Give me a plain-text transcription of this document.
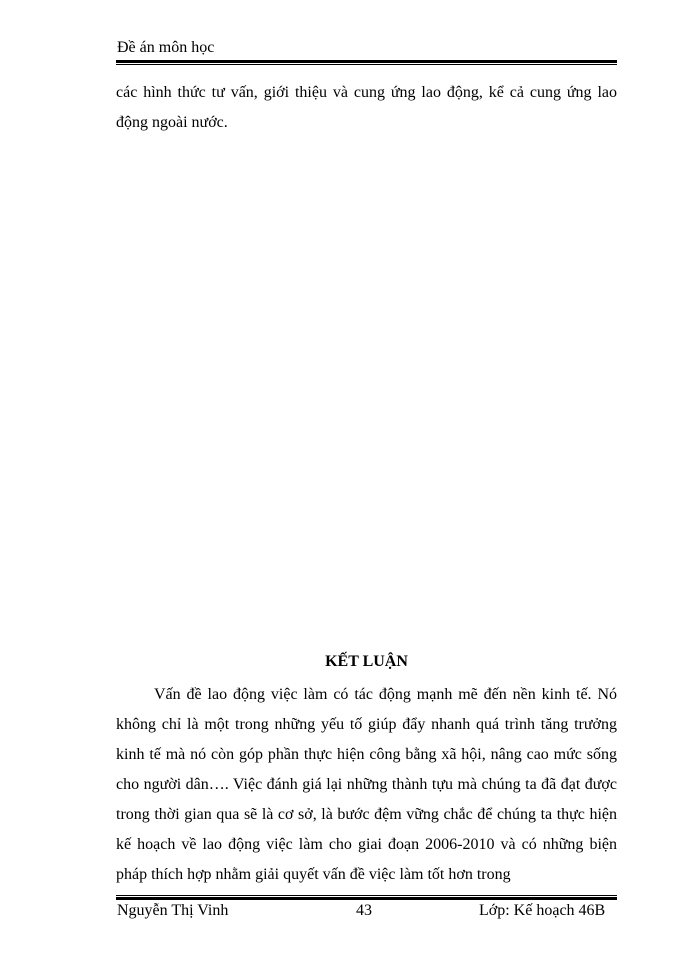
Đề án môn học

các hình thức tư vấn, giới thiệu và cung ứng lao động, kể cả cung ứng lao động ngoài nước.

KẾT LUẬN

Vấn đề lao động việc làm có tác động mạnh mẽ đến nền kinh tế. Nó không chỉ là một trong những yếu tố giúp đẩy nhanh quá trình tăng trưởng kinh tế mà nó còn góp phần thực hiện công bằng xã hội, nâng cao mức sống cho người dân…. Việc đánh giá lại những thành tựu mà chúng ta đã đạt được trong thời gian qua sẽ là cơ sở, là bước đệm vững chắc để chúng ta thực hiện kế hoạch về lao động việc làm cho giai đoạn 2006-2010 và có những biện pháp thích hợp nhằm giải quyết vấn đề việc làm tốt hơn trong

Nguyễn Thị Vinh	43	Lớp: Kế hoạch 46B
